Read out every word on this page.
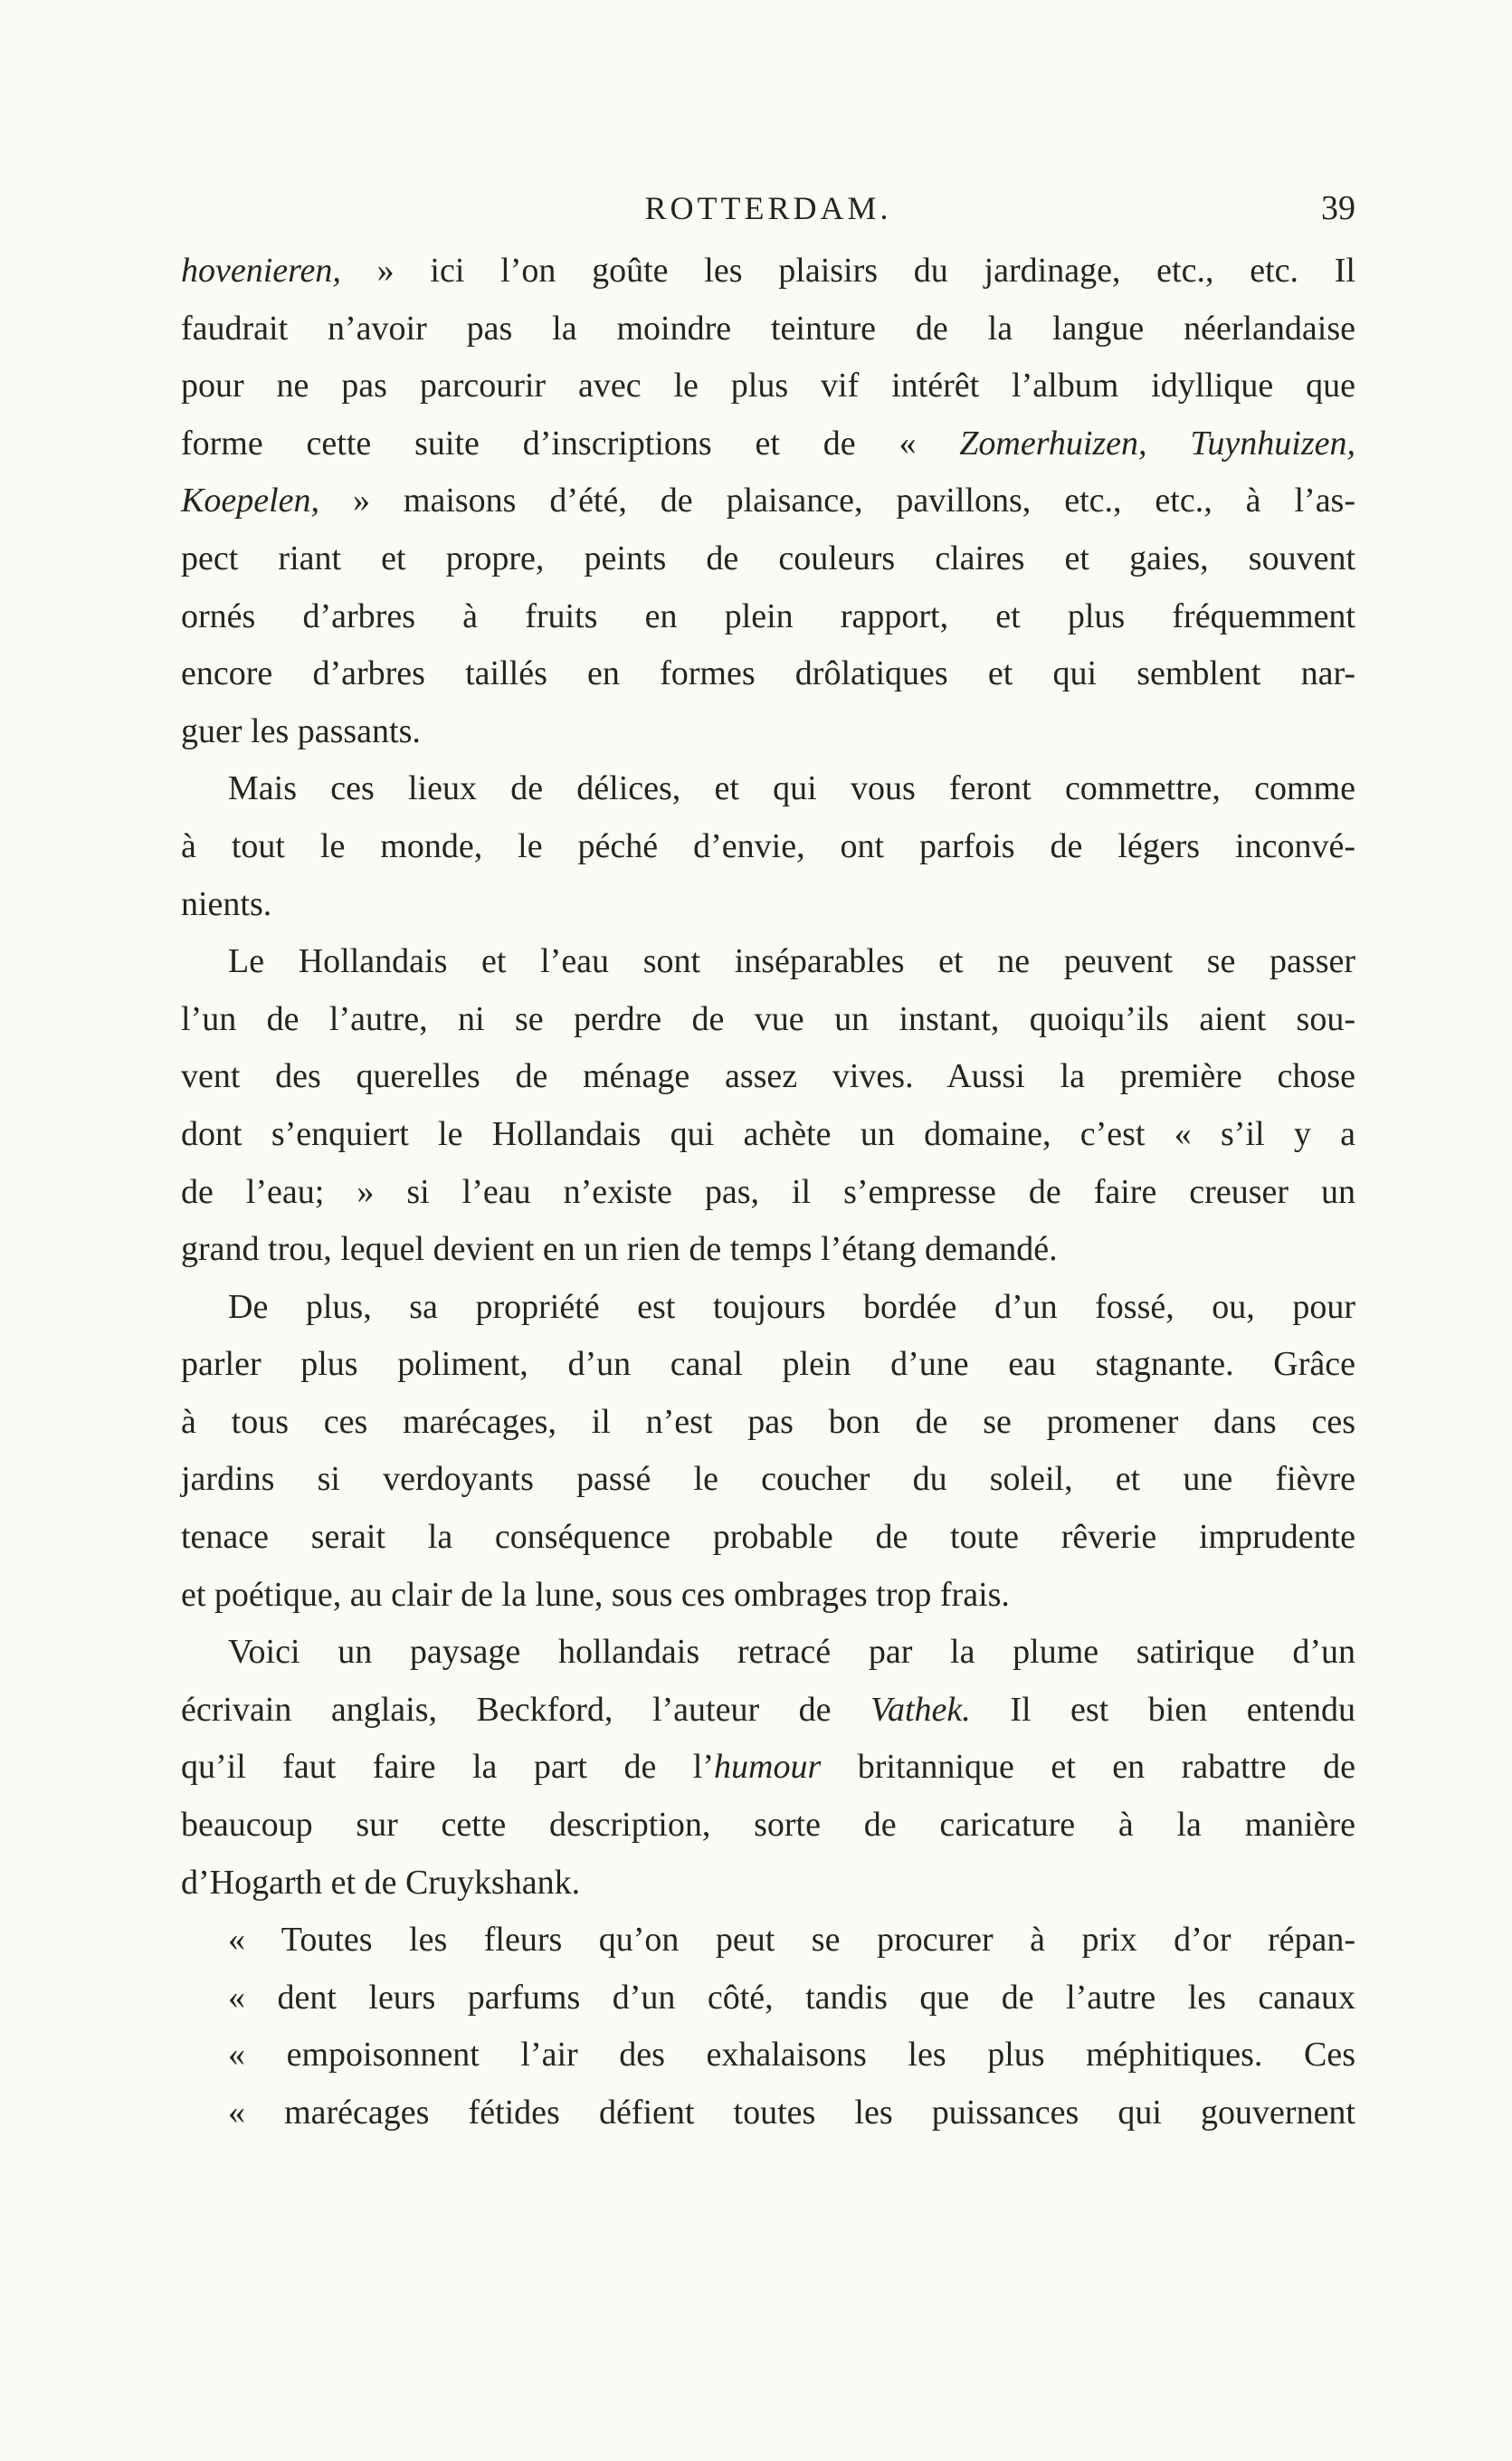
ROTTERDAM.	39
hovenieren, » ici l’on goûte les plaisirs du jardinage, etc., etc. Il
faudrait n’avoir pas la moindre teinture de la langue néerlandaise
pour ne pas parcourir avec le plus vif intérêt l’album idyllique que
forme cette suite d’inscriptions et de « Zomerhuizen, Tuynhuizen,
Koepelen, » maisons d’été, de plaisance, pavillons, etc., etc., à l’as-
pect riant et propre, peints de couleurs claires et gaies, souvent
ornés d’arbres à fruits en plein rapport, et plus fréquemment
encore d’arbres taillés en formes drôlatiques et qui semblent nar-
guer les passants.
Mais ces lieux de délices, et qui vous feront commettre, comme
à tout le monde, le péché d’envie, ont parfois de légers inconvé-
nients.
Le Hollandais et l’eau sont inséparables et ne peuvent se passer
l’un de l’autre, ni se perdre de vue un instant, quoiqu’ils aient sou-
vent des querelles de ménage assez vives. Aussi la première chose
dont s’enquiert le Hollandais qui achète un domaine, c’est « s’il y a
de l’eau; » si l’eau n’existe pas, il s’empresse de faire creuser un
grand trou, lequel devient en un rien de temps l’étang demandé.
De plus, sa propriété est toujours bordée d’un fossé, ou, pour
parler plus poliment, d’un canal plein d’une eau stagnante. Grâce
à tous ces marécages, il n’est pas bon de se promener dans ces
jardins si verdoyants passé le coucher du soleil, et une fièvre
tenace serait la conséquence probable de toute rêverie imprudente
et poétique, au clair de la lune, sous ces ombrages trop frais.
Voici un paysage hollandais retracé par la plume satirique d’un
écrivain anglais, Beckford, l’auteur de Vathek. Il est bien entendu
qu’il faut faire la part de l’humour britannique et en rabattre de
beaucoup sur cette description, sorte de caricature à la manière
d’Hogarth et de Cruykshank.
« Toutes les fleurs qu’on peut se procurer à prix d’or répan-
« dent leurs parfums d’un côté, tandis que de l’autre les canaux
« empoisonnent l’air des exhalaisons les plus méphitiques. Ces
« marécages fétides défient toutes les puissances qui gouvernent
